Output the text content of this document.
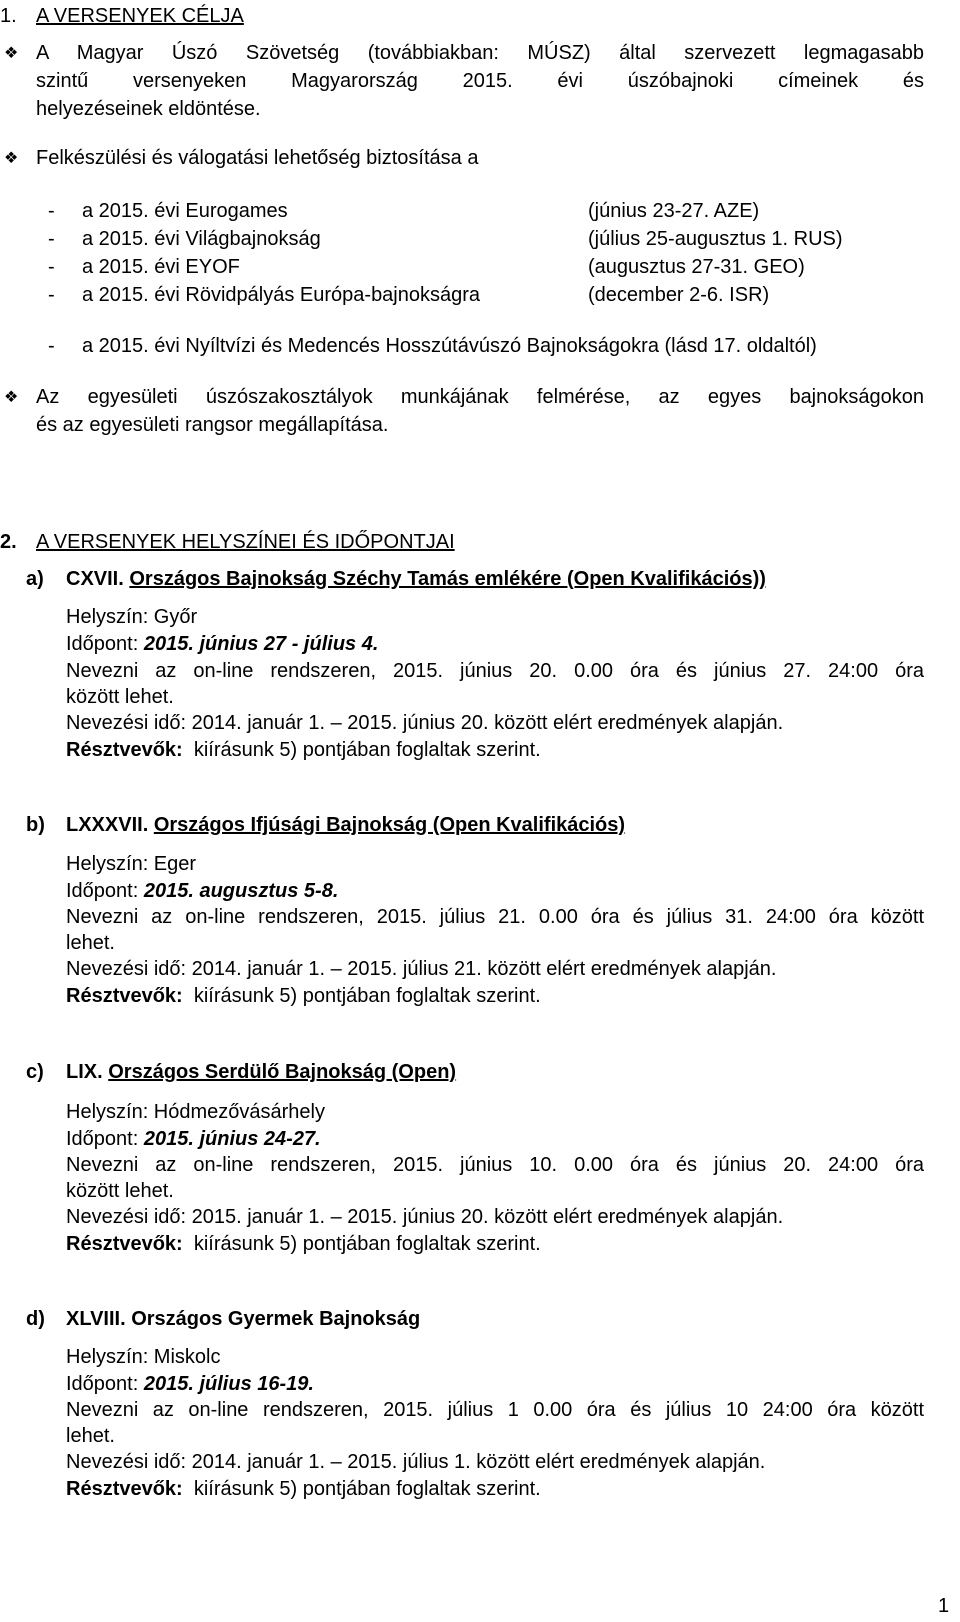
1. A VERSENYEK CÉLJA
❖ A Magyar Úszó Szövetség (továbbiakban: MÚSZ) által szervezett legmagasabb
szintű versenyeken Magyarország 2015. évi úszóbajnoki címeinek és
helyezéseinek eldöntése.
❖ Felkészülési és válogatási lehetőség biztosítása a
- a 2015. évi Eurogames	(június 23-27. AZE)
- a 2015. évi Világbajnokság	(július 25-augusztus 1. RUS)
- a 2015. évi EYOF	(augusztus 27-31. GEO)
- a 2015. évi Rövidpályás Európa-bajnokságra	(december 2-6. ISR)
- a 2015. évi Nyíltvízi és Medencés Hosszútávúszó Bajnokságokra (lásd 17. oldaltól)
❖ Az egyesületi úszószakosztályok munkájának felmérése, az egyes bajnokságokon
és az egyesületi rangsor megállapítása.
2. A VERSENYEK HELYSZÍNEI ÉS IDŐPONTJAI
a) CXVII. Országos Bajnokság Széchy Tamás emlékére (Open Kvalifikációs))
Helyszín: Győr
Időpont: 2015. június 27 - július 4.
Nevezni az on-line rendszeren, 2015. június 20. 0.00 óra és június 27. 24:00 óra
között lehet.
Nevezési idő: 2014. január 1. – 2015. június 20. között elért eredmények alapján.
Résztvevők: kiírásunk 5) pontjában foglaltak szerint.
b) LXXXVII. Országos Ifjúsági Bajnokság (Open Kvalifikációs)
Helyszín: Eger
Időpont: 2015. augusztus 5-8.
Nevezni az on-line rendszeren, 2015. július 21. 0.00 óra és július 31. 24:00 óra között
lehet.
Nevezési idő: 2014. január 1. – 2015. július 21. között elért eredmények alapján.
Résztvevők: kiírásunk 5) pontjában foglaltak szerint.
c) LIX. Országos Serdülő Bajnokság (Open)
Helyszín: Hódmezővásárhely
Időpont: 2015. június 24-27.
Nevezni az on-line rendszeren, 2015. június 10. 0.00 óra és június 20. 24:00 óra
között lehet.
Nevezési idő: 2015. január 1. – 2015. június 20. között elért eredmények alapján.
Résztvevők: kiírásunk 5) pontjában foglaltak szerint.
d) XLVIII. Országos Gyermek Bajnokság
Helyszín: Miskolc
Időpont: 2015. július 16-19.
Nevezni az on-line rendszeren, 2015. július 1 0.00 óra és július 10 24:00 óra között
lehet.
Nevezési idő: 2014. január 1. – 2015. július 1. között elért eredmények alapján.
Résztvevők: kiírásunk 5) pontjában foglaltak szerint.
1
